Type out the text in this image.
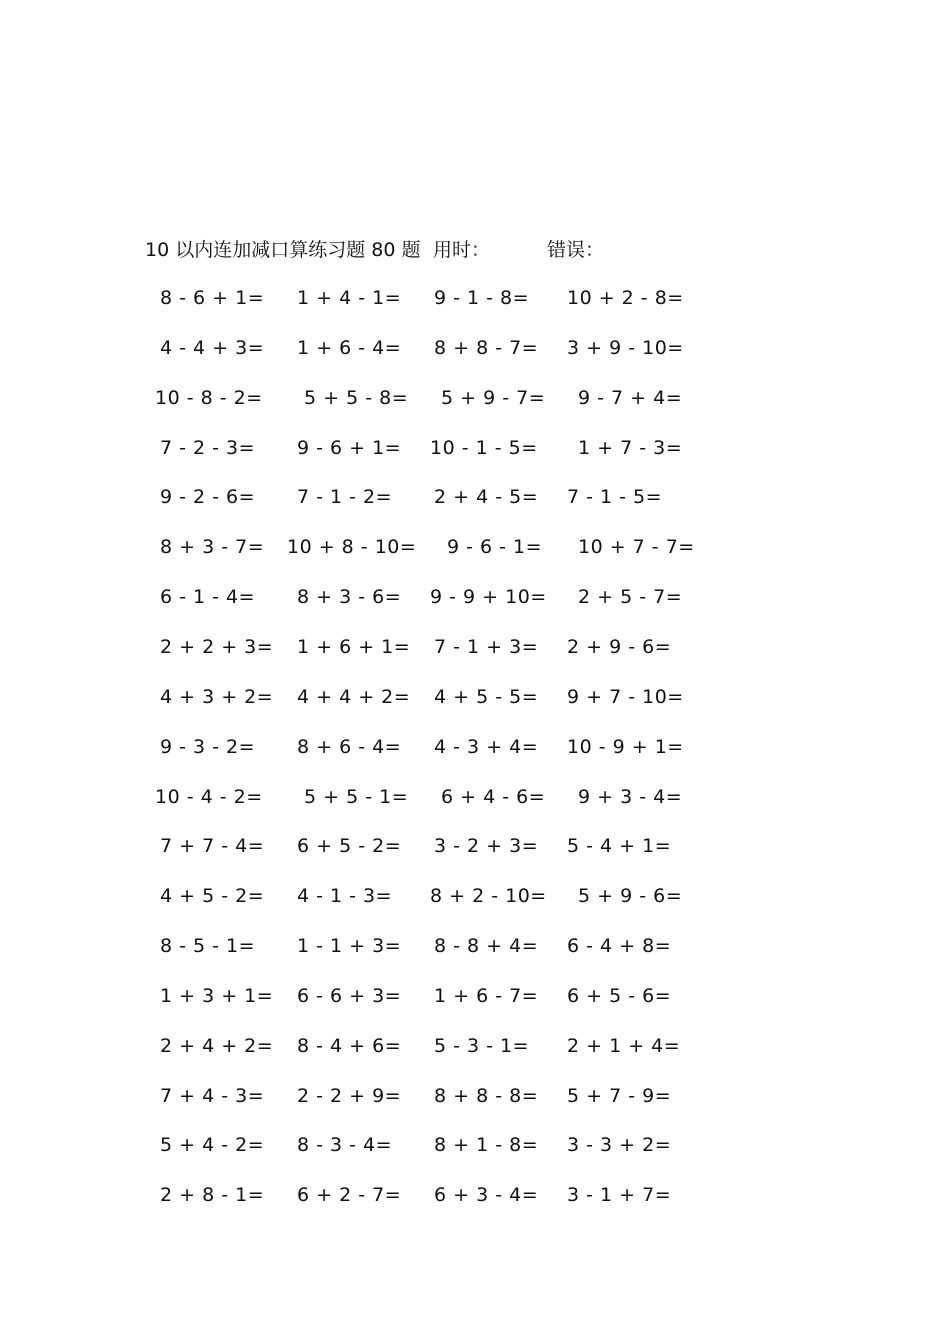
10 以内连加减口算练习题 80 题 用时：	错误：
8 - 6 + 1= 1 + 4 - 1= 9 - 1 - 8= 10 + 2 - 8=
4 - 4 + 3= 1 + 6 - 4= 8 + 8 - 7= 3 + 9 - 10=
10 - 8 - 2= 5 + 5 - 8= 5 + 9 - 7= 9 - 7 + 4=
7 - 2 - 3= 9 - 6 + 1= 10 - 1 - 5= 1 + 7 - 3=
9 - 2 - 6= 7 - 1 - 2= 2 + 4 - 5= 7 - 1 - 5=
8 + 3 - 7= 10 + 8 - 10= 9 - 6 - 1= 10 + 7 - 7=
6 - 1 - 4= 8 + 3 - 6= 9 - 9 + 10= 2 + 5 - 7=
2 + 2 + 3= 1 + 6 + 1= 7 - 1 + 3= 2 + 9 - 6=
4 + 3 + 2= 4 + 4 + 2= 4 + 5 - 5= 9 + 7 - 10=
9 - 3 - 2= 8 + 6 - 4= 4 - 3 + 4= 10 - 9 + 1=
10 - 4 - 2= 5 + 5 - 1= 6 + 4 - 6= 9 + 3 - 4=
7 + 7 - 4= 6 + 5 - 2= 3 - 2 + 3= 5 - 4 + 1=
4 + 5 - 2= 4 - 1 - 3= 8 + 2 - 10= 5 + 9 - 6=
8 - 5 - 1= 1 - 1 + 3= 8 - 8 + 4= 6 - 4 + 8=
1 + 3 + 1= 6 - 6 + 3= 1 + 6 - 7= 6 + 5 - 6=
2 + 4 + 2= 8 - 4 + 6= 5 - 3 - 1= 2 + 1 + 4=
7 + 4 - 3= 2 - 2 + 9= 8 + 8 - 8= 5 + 7 - 9=
5 + 4 - 2= 8 - 3 - 4= 8 + 1 - 8= 3 - 3 + 2=
2 + 8 - 1= 6 + 2 - 7= 6 + 3 - 4= 3 - 1 + 7=
